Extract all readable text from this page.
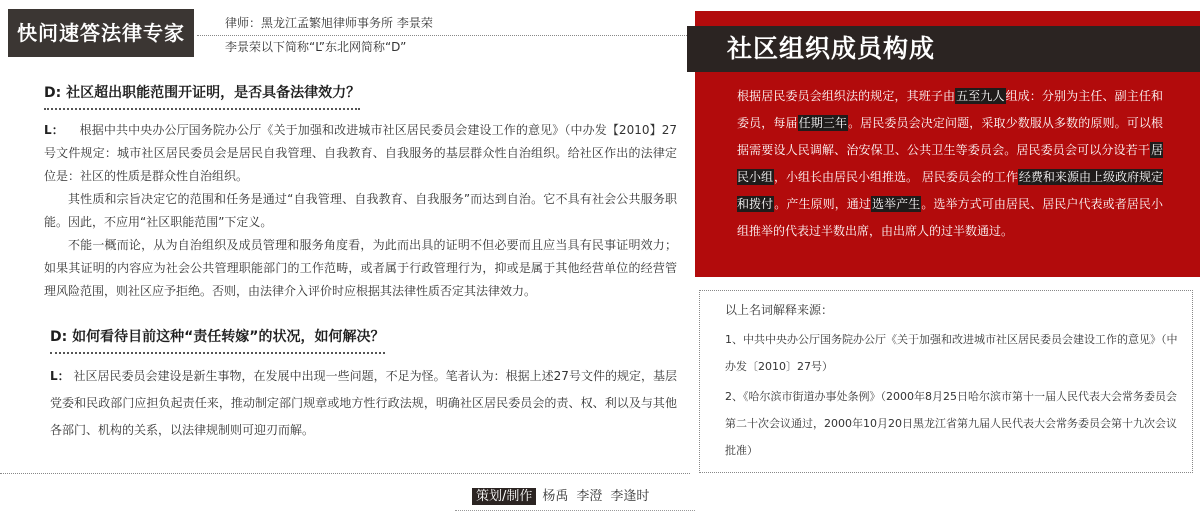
快问速答法律专家	律师：黑龙江孟繁旭律师事务所 李景荣
李景荣以下简称“L”东北网简称“D”
D: 社区超出职能范围开证明，是否具备法律效力？

L： 根据中共中央办公厅国务院办公厅《关于加强和改进城市社区居民委员会建设工作的意见》（中办发【2010】27号文件规定：城市社区居民委员会是居民自我管理、自我教育、自我服务的基层群众性自治组织。给社区作出的法律定位是：社区的性质是群众性自治组织。

其性质和宗旨决定它的范围和任务是通过“自我管理、自我教育、自我服务”而达到自治。它不具有社会公共服务职能。因此，不应用“社区职能范围”下定义。

不能一概而论，从为自治组织及成员管理和服务角度看，为此而出具的证明不但必要而且应当具有民事证明效力；如果其证明的内容应为社会公共管理职能部门的工作范畴，或者属于行政管理行为，抑或是属于其他经营单位的经营管理风险范围，则社区应予拒绝。否则，由法律介入评价时应根据其法律性质否定其法律效力。

D: 如何看待目前这种“责任转嫁”的状况，如何解决？

L： 社区居民委员会建设是新生事物，在发展中出现一些问题，不足为怪。笔者认为：根据上述27号文件的规定，基层党委和民政部门应担负起责任来，推动制定部门规章或地方性行政法规，明确社区居民委员会的责、权、利以及与其他各部门、机构的关系，以法律规制则可迎刃而解。

社区组织成员构成

根据居民委员会组织法的规定，其班子由五至九人组成：分别为主任、副主任和委员，每届任期三年。居民委员会决定问题，采取少数服从多数的原则。可以根据需要设人民调解、治安保卫、公共卫生等委员会。居民委员会可以分设若干居民小组，小组长由居民小组推选。 居民委员会的工作经费和来源由上级政府规定和拨付。产生原则，通过选举产生。选举方式可由居民、居民户代表或者居民小组推举的代表过半数出席，由出席人的过半数通过。

以上名词解释来源：
1、中共中央办公厅国务院办公厅《关于加强和改进城市社区居民委员会建设工作的意见》（中办发〔2010〕27号）
2、《哈尔滨市街道办事处条例》（2000年8月25日哈尔滨市第十一届人民代表大会常务委员会第二十次会议通过，2000年10月20日黑龙江省第九届人民代表大会常务委员会第十九次会议批准）
策划/制作 杨禹 李澄 李逢时
